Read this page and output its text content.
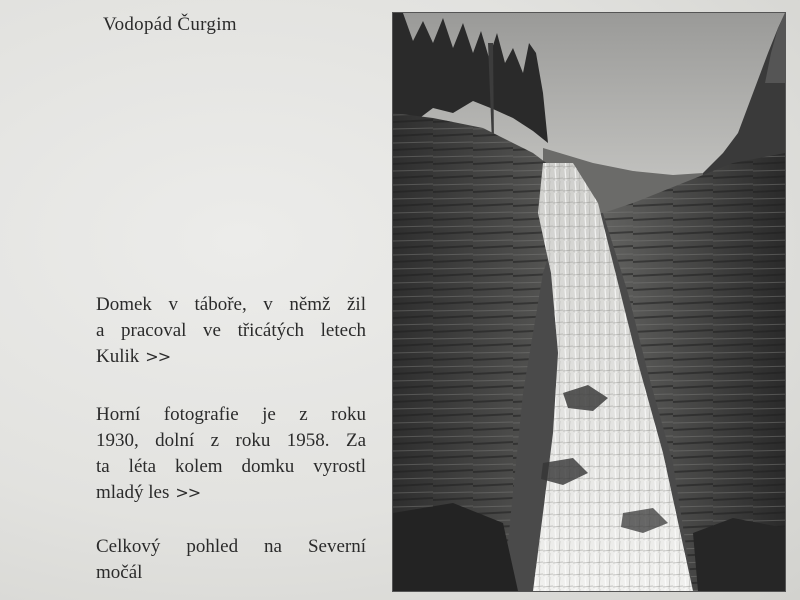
Vodopád Čurgim
Domek v táboře, v němž žil
a pracoval ve třicátých letech
Kulik >>
Horní fotografie je z roku
1930, dolní z roku 1958. Za
ta léta kolem domku vyrostl
mladý les >>
Celkový pohled na Severní
močál
